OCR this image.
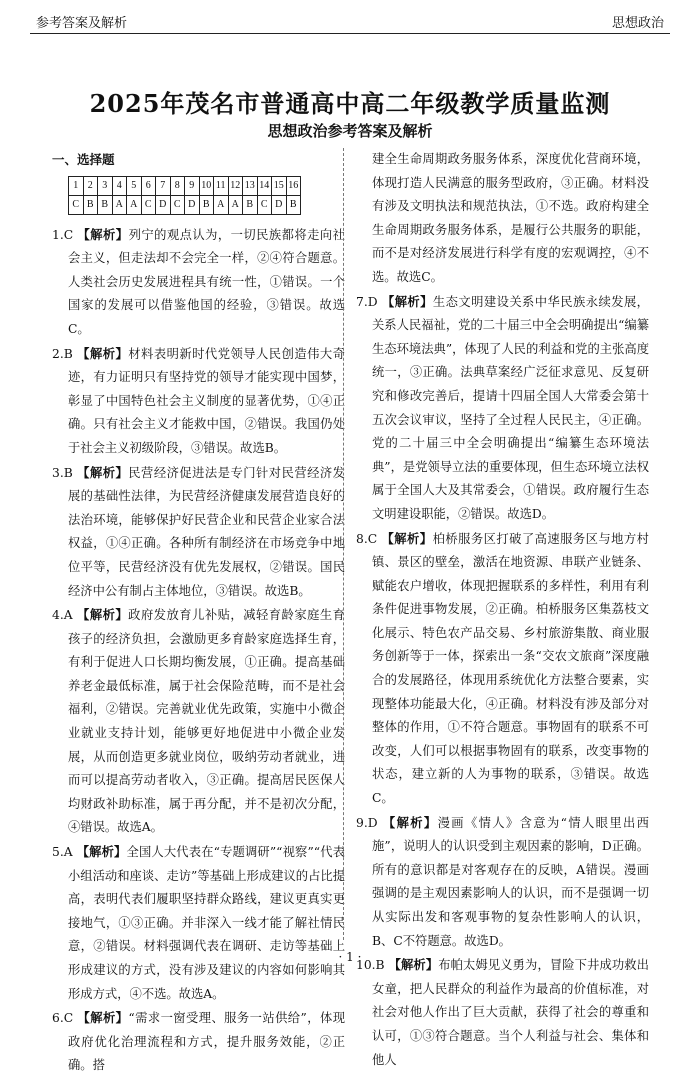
参考答案及解析	思想政治
2025年茂名市普通高中高二年级教学质量监测
思想政治参考答案及解析

一、选择题

1	2	3	4	5	6	7	8	9	10	11	12	13	14	15	16
C	B	B	A	A	C	D	C	D	B	A	A	B	C	D	B

1.C 【解析】列宁的观点认为，一切民族都将走向社会主义，但走法却不会完全一样，②④符合题意。人类社会历史发展进程具有统一性，①错误。一个国家的发展可以借鉴他国的经验，③错误。故选C。

2.B 【解析】材料表明新时代党领导人民创造伟大奇迹，有力证明只有坚持党的领导才能实现中国梦，彰显了中国特色社会主义制度的显著优势，①④正确。只有社会主义才能救中国，②错误。我国仍处于社会主义初级阶段，③错误。故选B。

3.B 【解析】民营经济促进法是专门针对民营经济发展的基础性法律，为民营经济健康发展营造良好的法治环境，能够保护好民营企业和民营企业家合法权益，①④正确。各种所有制经济在市场竞争中地位平等，民营经济没有优先发展权，②错误。国民经济中公有制占主体地位，③错误。故选B。

4.A 【解析】政府发放育儿补贴，减轻育龄家庭生育孩子的经济负担，会激励更多育龄家庭选择生育，有利于促进人口长期均衡发展，①正确。提高基础养老金最低标准，属于社会保险范畴，而不是社会福利，②错误。完善就业优先政策，实施中小微企业就业支持计划，能够更好地促进中小微企业发展，从而创造更多就业岗位，吸纳劳动者就业，进而可以提高劳动者收入，③正确。提高居民医保人均财政补助标准，属于再分配，并不是初次分配，④错误。故选A。

5.A 【解析】全国人大代表在“专题调研”“视察”“代表小组活动和座谈、走访”等基础上形成建议的占比提高，表明代表们履职坚持群众路线，建议更真实更接地气，①③正确。并非深入一线才能了解社情民意，②错误。材料强调代表在调研、走访等基础上形成建议的方式，没有涉及建议的内容如何影响其形成方式，④不选。故选A。

6.C 【解析】“需求一窗受理、服务一站供给”，体现政府优化治理流程和方式，提升服务效能，②正确。搭

建全生命周期政务服务体系，深度优化营商环境，体现打造人民满意的服务型政府，③正确。材料没有涉及文明执法和规范执法，①不选。政府构建全生命周期政务服务体系，是履行公共服务的职能，而不是对经济发展进行科学有度的宏观调控，④不选。故选C。

7.D 【解析】生态文明建设关系中华民族永续发展，关系人民福祉，党的二十届三中全会明确提出“编纂生态环境法典”，体现了人民的利益和党的主张高度统一，③正确。法典草案经广泛征求意见、反复研究和修改完善后，提请十四届全国人大常委会第十五次会议审议，坚持了全过程人民民主，④正确。党的二十届三中全会明确提出“编纂生态环境法典”，是党领导立法的重要体现，但生态环境立法权属于全国人大及其常委会，①错误。政府履行生态文明建设职能，②错误。故选D。

8.C 【解析】柏桥服务区打破了高速服务区与地方村镇、景区的壁垒，激活在地资源、串联产业链条、赋能农户增收，体现把握联系的多样性，利用有利条件促进事物发展，②正确。柏桥服务区集荔枝文化展示、特色农产品交易、乡村旅游集散、商业服务创新等于一体，探索出一条“交农文旅商”深度融合的发展路径，体现用系统优化方法整合要素，实现整体功能最大化，④正确。材料没有涉及部分对整体的作用，①不符合题意。事物固有的联系不可改变，人们可以根据事物固有的联系，改变事物的状态，建立新的人为事物的联系，③错误。故选C。

9.D 【解析】漫画《情人》含意为“情人眼里出西施”，说明人的认识受到主观因素的影响，D正确。所有的意识都是对客观存在的反映，A错误。漫画强调的是主观因素影响人的认识，而不是强调一切从实际出发和客观事物的复杂性影响人的认识，B、C不符题意。故选D。

10.B 【解析】布帕太姆见义勇为，冒险下井成功救出女童，把人民群众的利益作为最高的价值标准，对社会对他人作出了巨大贡献，获得了社会的尊重和认可，①③符合题意。当个人利益与社会、集体和他人

· 1 ·
